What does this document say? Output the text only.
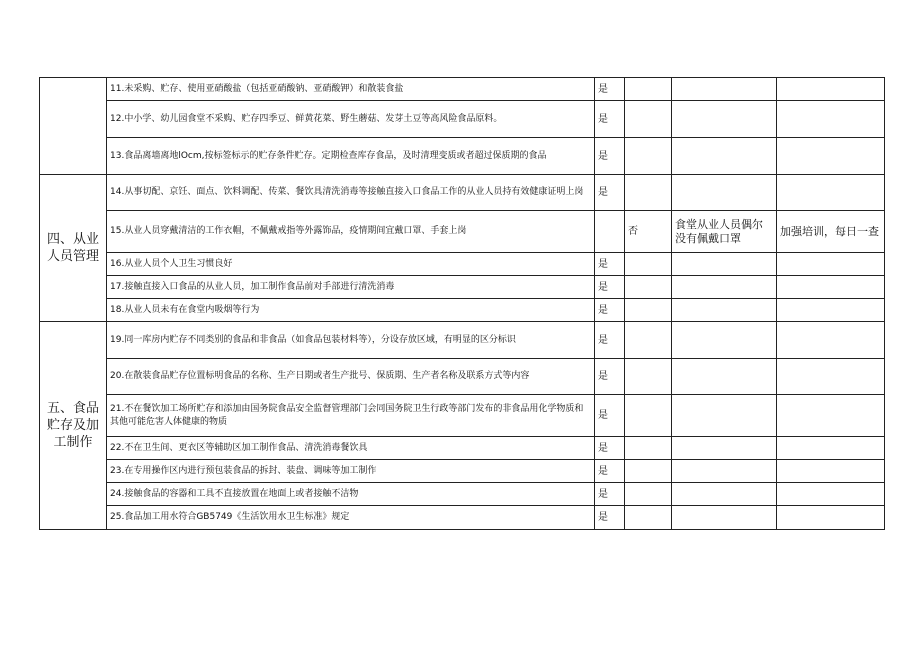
	11.未采购、贮存、使用亚硝酸盐（包括亚硝酸钠、亚硝酸钾）和散装食盐	是			
	12.中小学、幼儿园食堂不采购、贮存四季豆、鲜黄花菜、野生蘑菇、发芽土豆等高风险食品原料。	是			
	13.食品离墙离地lOcm,按标签标示的贮存条件贮存。定期检查库存食品，及时清理变质或者超过保质期的食品	是			
四、从业人员管理	14.从事切配、京饪、面点、饮料调配、传菜、餐饮具清洗消毒等接触直接入口食品工作的从业人员持有效健康证明上岗	是			
	15.从业人员穿戴清洁的工作衣帽，不佩戴戒指等外露饰品，疫情期间宜戴口罩、手套上岗		否	食堂从业人员偶尔没有佩戴口罩	加强培训，每日一查
	16.从业人员个人卫生习惯良好	是			
	17.接触直接入口食品的从业人员，加工制作食品前对手部进行清洗消毒	是			
	18.从业人员未有在食堂内吸烟等行为	是			
五、食品贮存及加工制作	19.同一库房内贮存不同类别的食品和非食品（如食品包装材料等），分设存放区域，有明显的区分标识	是			
	20.在散装食品贮存位置标明食品的名称、生产日期或者生产批号、保质期、生产者名称及联系方式等内容	是			
	21.不在餐饮加工场所贮存和添加由国务院食品安全监督管理部门会同国务院卫生行政等部门发布的非食品用化学物质和其他可能危害人体健康的物质	是			
	22.不在卫生间、更衣区等辅助区加工制作食品、清洗消毒餐饮具	是			
	23.在专用操作区内进行预包装食品的拆封、装盘、调味等加工制作	是			
	24.接触食品的容器和工具不直接放置在地面上或者接触不洁物	是			
	25.食品加工用水符合GB5749《生活饮用水卫生标准》规定	是			
